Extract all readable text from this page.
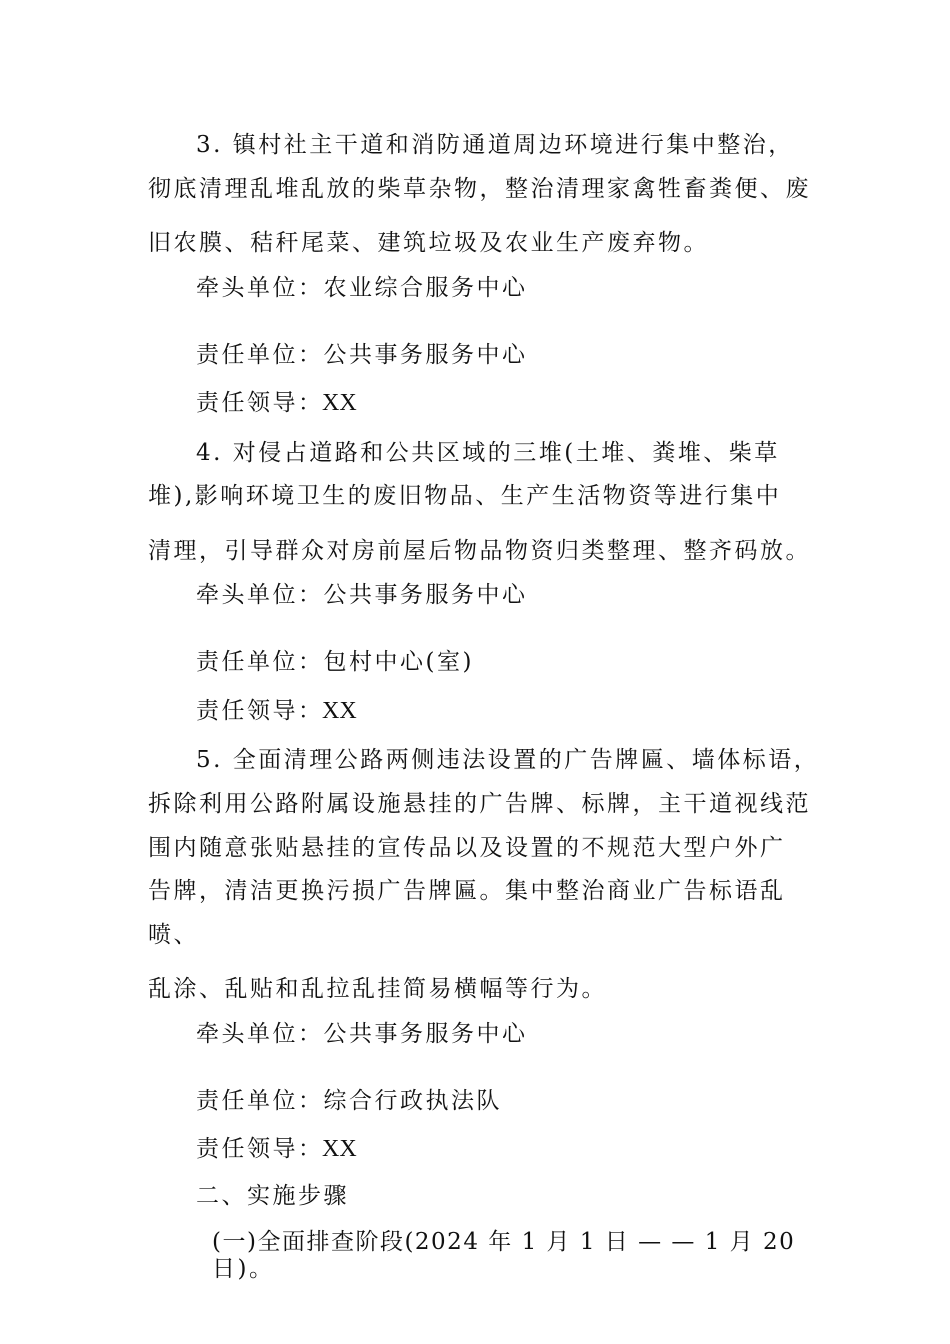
3. 镇村社主干道和消防通道周边环境进行集中整治，
彻底清理乱堆乱放的柴草杂物，整治清理家禽牲畜粪便、废
旧农膜、秸秆尾菜、建筑垃圾及农业生产废弃物。
牵头单位：农业综合服务中心
责任单位：公共事务服务中心
责任领导：
XX
4. 对侵占道路和公共区域的三堆(土堆、粪堆、柴草
堆),影响环境卫生的废旧物品、生产生活物资等进行集中
清理，引导群众对房前屋后物品物资归类整理、整齐码放。
牵头单位：公共事务服务中心
责任单位：包村中心(室)
责任领导：
XX
5. 全面清理公路两侧违法设置的广告牌匾、墙体标语，
拆除利用公路附属设施悬挂的广告牌、标牌，主干道视线范
围内随意张贴悬挂的宣传品以及设置的不规范大型户外广
告牌，清洁更换污损广告牌匾。集中整治商业广告标语乱
喷、
乱涂、乱贴和乱拉乱挂简易横幅等行为。
牵头单位：公共事务服务中心
责任单位：综合行政执法队
责任领导：
XX
二、实施步骤
(一)全面排查阶段(2024 年 1 月 1 日 — — 1 月 20
日)。
